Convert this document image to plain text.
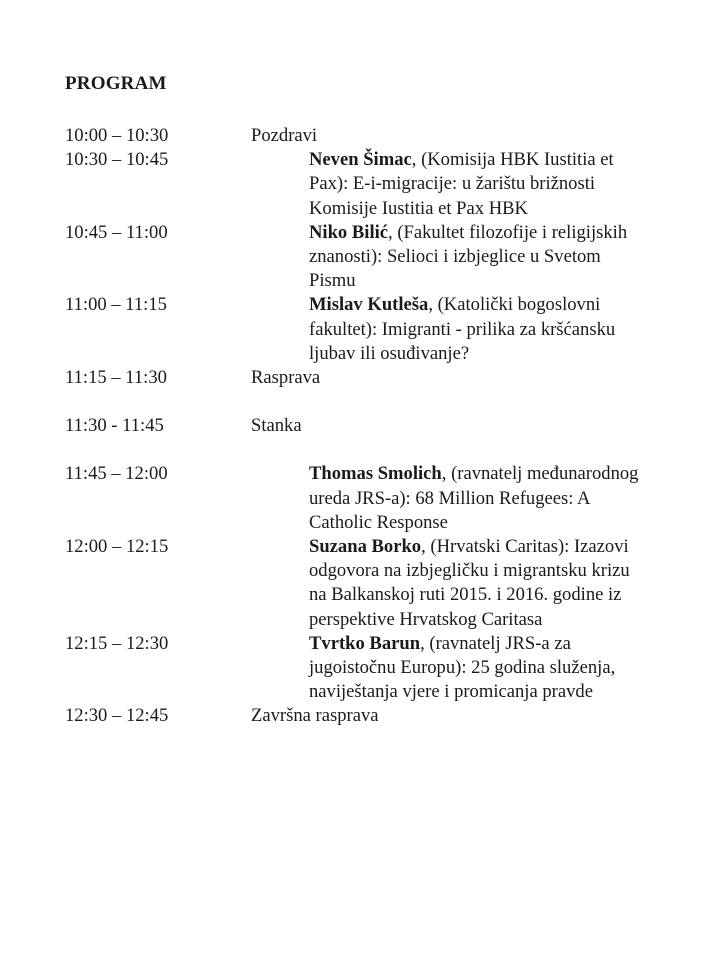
PROGRAM
10:00 – 10:30	Pozdravi
10:30 – 10:45	Neven Šimac, (Komisija HBK Iustitia et Pax): E-i-migracije: u žarištu brižnosti Komisije Iustitia et Pax HBK
10:45 – 11:00	Niko Bilić, (Fakultet filozofije i religijskih znanosti): Selioci i izbjeglice u Svetom Pismu
11:00 – 11:15	Mislav Kutleša, (Katolički bogoslovni fakultet): Imigranti - prilika za kršćansku ljubav ili osuđivanje?
11:15 – 11:30	Rasprava
11:30 - 11:45	Stanka
11:45 – 12:00	Thomas Smolich, (ravnatelj međunarodnog ureda JRS-a): 68 Million Refugees: A Catholic Response
12:00 – 12:15	Suzana Borko, (Hrvatski Caritas): Izazovi odgovora na izbjegličku i migrantsku krizu na Balkanskoj ruti 2015. i 2016. godine iz perspektive Hrvatskog Caritasa
12:15 – 12:30	Tvrtko Barun, (ravnatelj JRS-a za jugoistočnu Europu): 25 godina služenja, naviještanja vjere i promicanja pravde
12:30 – 12:45	Završna rasprava
